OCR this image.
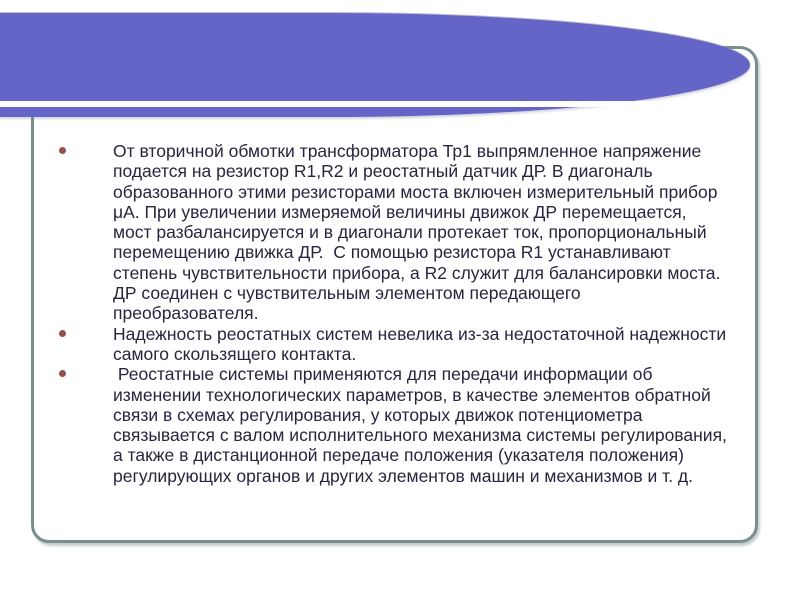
От вторичной обмотки трансформатора Тр1 выпрямленное напряжение подается на резистор R1,R2 и реостатный датчик ДР. В диагональ образованного этими резисторами моста включен измерительный прибор μА. При увеличении измеряемой величины движок ДР перемещается, мост разбалансируется и в диагонали протекает ток, пропорциональный перемещению движка ДР.  С помощью резистора R1 устанавливают степень чувствительности прибора, а R2 служит для балансировки моста. ДР соединен с чувствительным элементом передающего преобразователя.

Надежность реостатных систем невелика из-за недостаточной надежности самого скользящего контакта.

Реостатные системы применяются для передачи информации об изменении технологических параметров, в качестве элементов обратной связи в схемах регулирования, у которых движок потенциометра связывается с валом исполнительного механизма системы регулирования, а также в дистанционной передаче положения (указателя положения) регулирующих органов и других элементов машин и механизмов и т. д.
